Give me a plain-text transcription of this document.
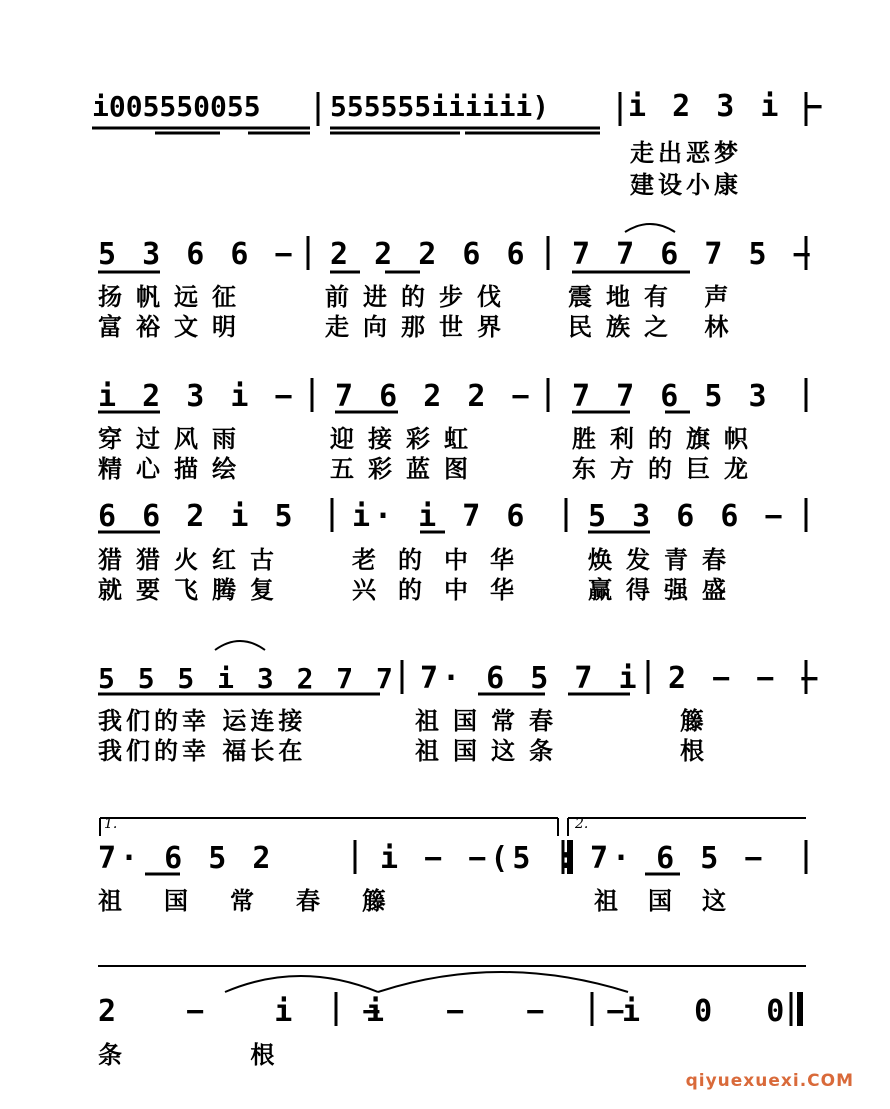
i005550055 555555iiiiii)	i 2 3 i −
走出恶梦
建设小康
5 3 6 6 − 2 2 2 6 6 7 7 6 7 5 −
扬帆远征	前进的步伐 震地有 声
富裕文明	走向那世界 民族之 林
i 2 3 i − 7 6 2 2 − 7 7 6 5 3
穿过风雨	迎接彩虹	胜利的旗帜
精心描绘	五彩蓝图	东方的巨龙
6 6 2 i 5 i· i 7 6 5 3 6 6 −
猎猎火红古	老的中华 焕发青春
就要飞腾复	兴的中华 赢得强盛
5 5 5 i 3 2 7 7 7· 6 5 7 i 2 − − −
我们的幸 运连接	祖国常春	籐
我们的幸 福长在	祖国这条	根
1.	2.
7· 6 5 2	i − −(5 : 7· 6 5 −
祖国常春籐	祖国这
2 − i −
i − − −
i 0 0
条 根
qiyuexuexi.COM
